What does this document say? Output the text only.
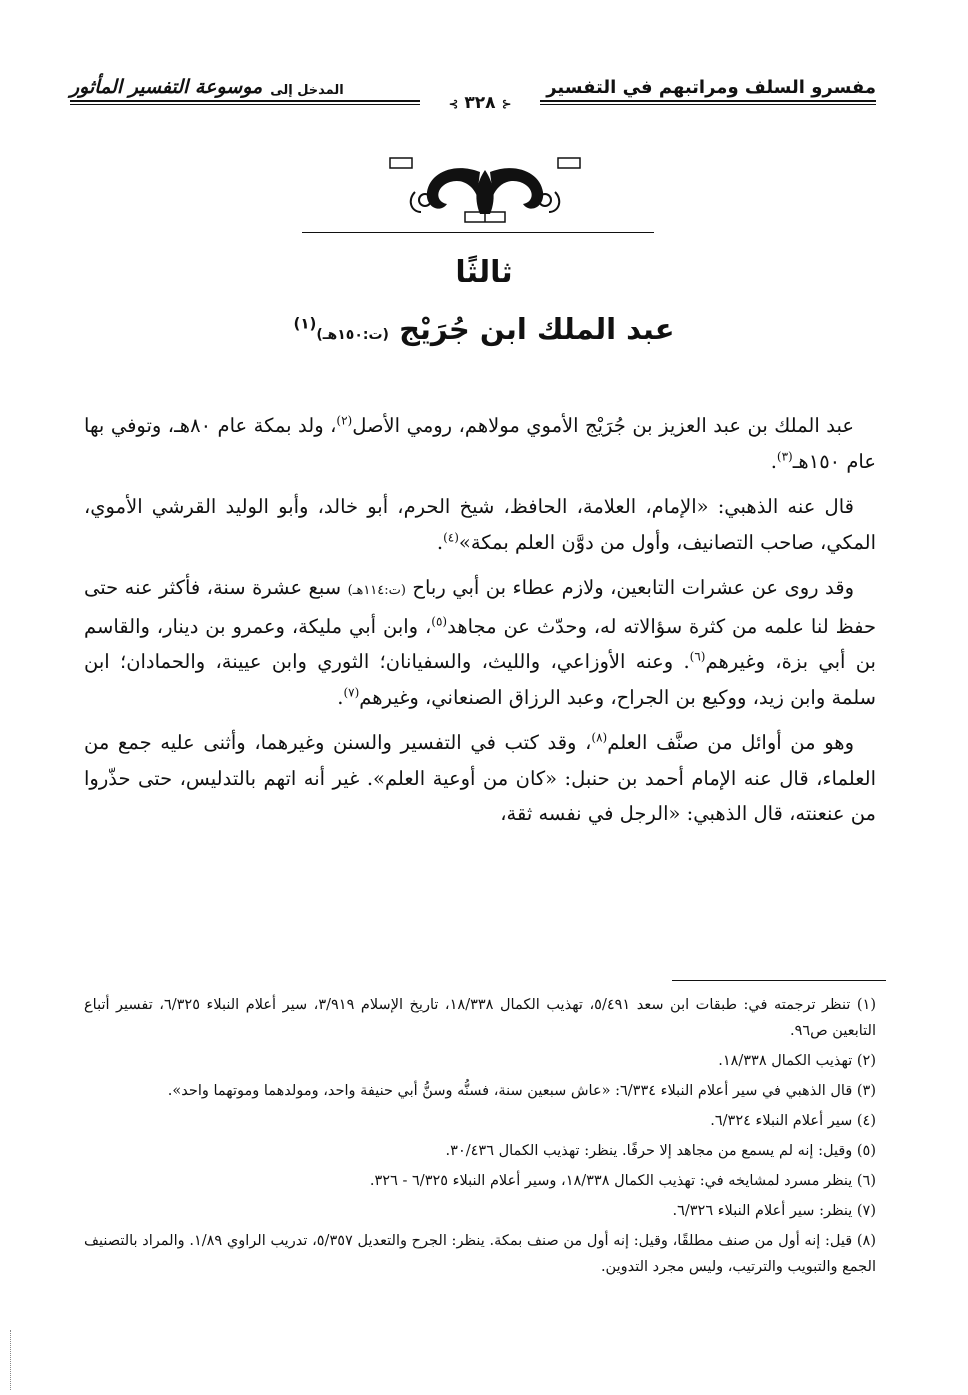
مفسرو السلف ومراتبهم في التفسير
المدخل إلى
موسوعة التفسير المأثور
⊰ ٣٢٨ ⊱
ثالثًا
عبد الملك ابن جُرَيْج (ت:١٥٠هـ)$^{(١)}$

عبد الملك بن عبد العزيز بن جُرَيْج الأموي مولاهم، رومي الأصل$^{(٢)}$، ولد بمكة عام ٨٠هـ، وتوفي بها عام ١٥٠هـ$^{(٣)}$.

قال عنه الذهبي: «الإمام، العلامة، الحافظ، شيخ الحرم، أبو خالد، وأبو الوليد القرشي الأموي، المكي، صاحب التصانيف، وأول من دوَّن العلم بمكة»$^{(٤)}$.

وقد روى عن عشرات التابعين، ولازم عطاء بن أبي رباح (ت:١١٤هـ) سبع عشرة سنة، فأكثر عنه حتى حفظ لنا علمه من كثرة سؤالاته له، وحدّث عن مجاهد$^{(٥)}$، وابن أبي مليكة، وعمرو بن دينار، والقاسم بن أبي بزة، وغيرهم$^{(٦)}$. وعنه الأوزاعي، والليث، والسفيانان؛ الثوري وابن عيينة، والحمادان؛ ابن سلمة وابن زيد، ووكيع بن الجراح، وعبد الرزاق الصنعاني، وغيرهم$^{(٧)}$.

وهو من أوائل من صنَّف العلم$^{(٨)}$، وقد كتب في التفسير والسنن وغيرهما، وأثنى عليه جمع من العلماء، قال عنه الإمام أحمد بن حنبل: «كان من أوعية العلم». غير أنه اتهم بالتدليس، حتى حذّروا من عنعنته، قال الذهبي: «الرجل في نفسه ثقة،

(١) تنظر ترجمته في: طبقات ابن سعد ٥/٤٩١، تهذيب الكمال ١٨/٣٣٨، تاريخ الإسلام ٣/٩١٩، سير أعلام النبلاء ٦/٣٢٥، تفسير أتباع التابعين ص٩٦.

(٢) تهذيب الكمال ١٨/٣٣٨.

(٣) قال الذهبي في سير أعلام النبلاء ٦/٣٣٤: «عاش سبعين سنة، فسنُّه وسنُّ أبي حنيفة واحد، ومولدهما وموتهما واحد».

(٤) سير أعلام النبلاء ٦/٣٢٤.

(٥) وقيل: إنه لم يسمع من مجاهد إلا حرفًا. ينظر: تهذيب الكمال ٣٠/٤٣٦.

(٦) ينظر مسرد لمشايخه في: تهذيب الكمال ١٨/٣٣٨، وسير أعلام النبلاء ٦/٣٢٥ - ٣٢٦.

(٧) ينظر: سير أعلام النبلاء ٦/٣٢٦.

(٨) قيل: إنه أول من صنف مطلقًا، وقيل: إنه أول من صنف بمكة. ينظر: الجرح والتعديل ٥/٣٥٧، تدريب الراوي ١/٨٩. والمراد بالتصنيف الجمع والتبويب والترتيب، وليس مجرد التدوين.
